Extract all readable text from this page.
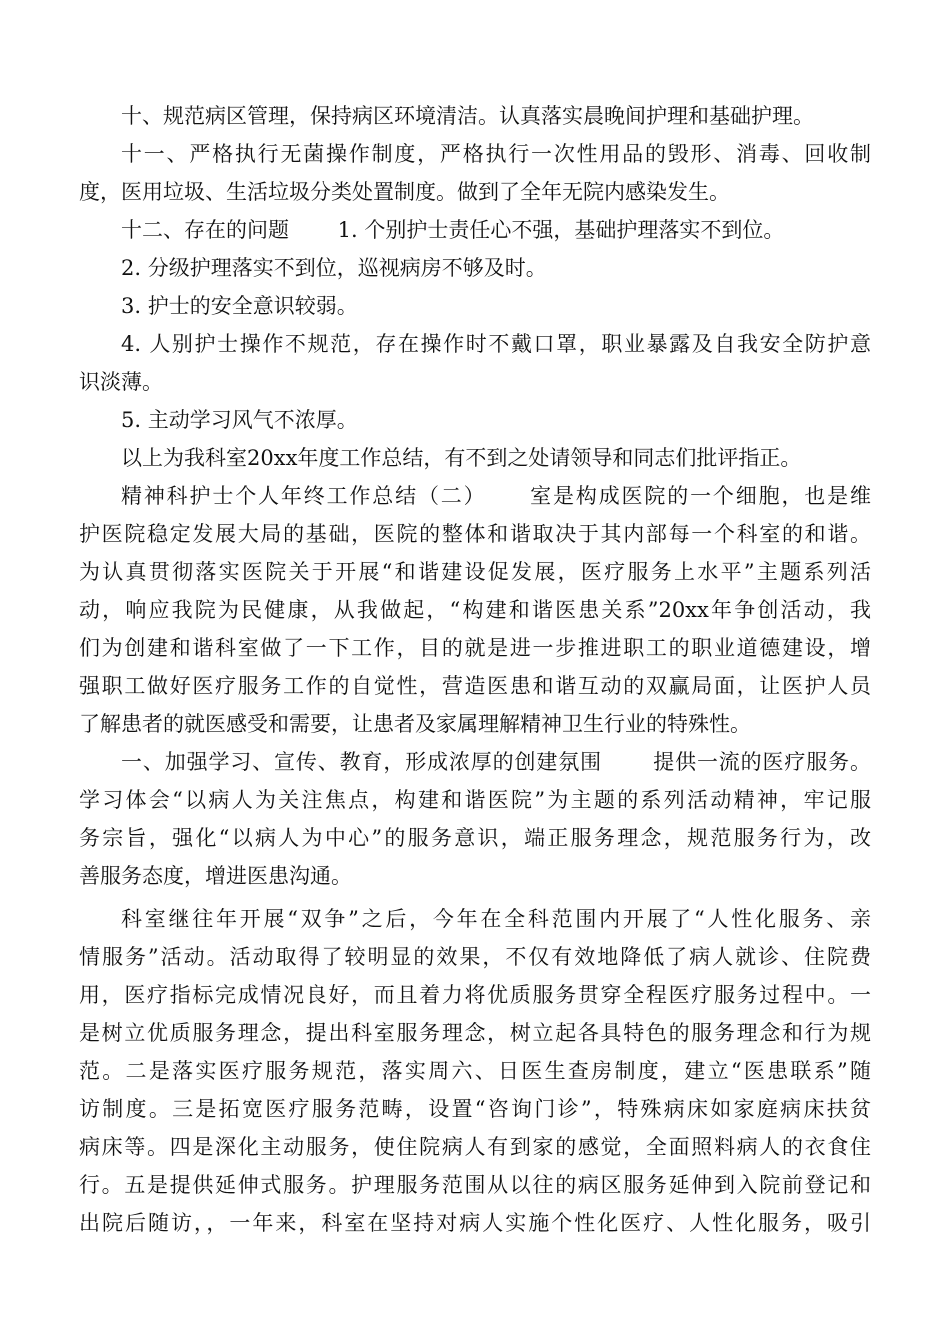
十、规范病区管理，保持病区环境清洁。认真落实晨晚间护理和基础护理。
十一、严格执行无菌操作制度，严格执行一次性用品的毁形、消毒、回收制
度，医用垃圾、生活垃圾分类处置制度。做到了全年无院内感染发生。
十二、存在的问题　　 1. 个别护士责任心不强，基础护理落实不到位。
2. 分级护理落实不到位，巡视病房不够及时。
3. 护士的安全意识较弱。
4. 人别护士操作不规范，存在操作时不戴口罩，职业暴露及自我安全防护意
识淡薄。
5. 主动学习风气不浓厚。
以上为我科室20xx年度工作总结，有不到之处请领导和同志们批评指正。
精神科护士个人年终工作总结（二）　　 室是构成医院的一个细胞，也是维
护医院稳定发展大局的基础，医院的整体和谐取决于其内部每一个科室的和谐。
为认真贯彻落实医院关于开展“和谐建设促发展，医疗服务上水平”主题系列活
动，响应我院为民健康，从我做起，“构建和谐医患关系”20xx年争创活动，我
们为创建和谐科室做了一下工作，目的就是进一步推进职工的职业道德建设，增
强职工做好医疗服务工作的自觉性，营造医患和谐互动的双赢局面，让医护人员
了解患者的就医感受和需要，让患者及家属理解精神卫生行业的特殊性。
一、加强学习、宣传、教育，形成浓厚的创建氛围　　 提供一流的医疗服务。
学习体会“以病人为关注焦点，构建和谐医院”为主题的系列活动精神，牢记服
务宗旨，强化“以病人为中心”的服务意识，端正服务理念，规范服务行为，改
善服务态度，增进医患沟通。
科室继往年开展“双争”之后，今年在全科范围内开展了“人性化服务、亲
情服务”活动。活动取得了较明显的效果，不仅有效地降低了病人就诊、住院费
用，医疗指标完成情况良好，而且着力将优质服务贯穿全程医疗服务过程中。一
是树立优质服务理念，提出科室服务理念，树立起各具特色的服务理念和行为规
范。二是落实医疗服务规范，落实周六、日医生查房制度，建立“医患联系”随
访制度。三是拓宽医疗服务范畴，设置“咨询门诊”，特殊病床如家庭病床扶贫
病床等。四是深化主动服务，使住院病人有到家的感觉，全面照料病人的衣食住
行。五是提供延伸式服务。护理服务范围从以往的病区服务延伸到入院前登记和
出院后随访，，一年来，科室在坚持对病人实施个性化医疗、人性化服务，吸引
